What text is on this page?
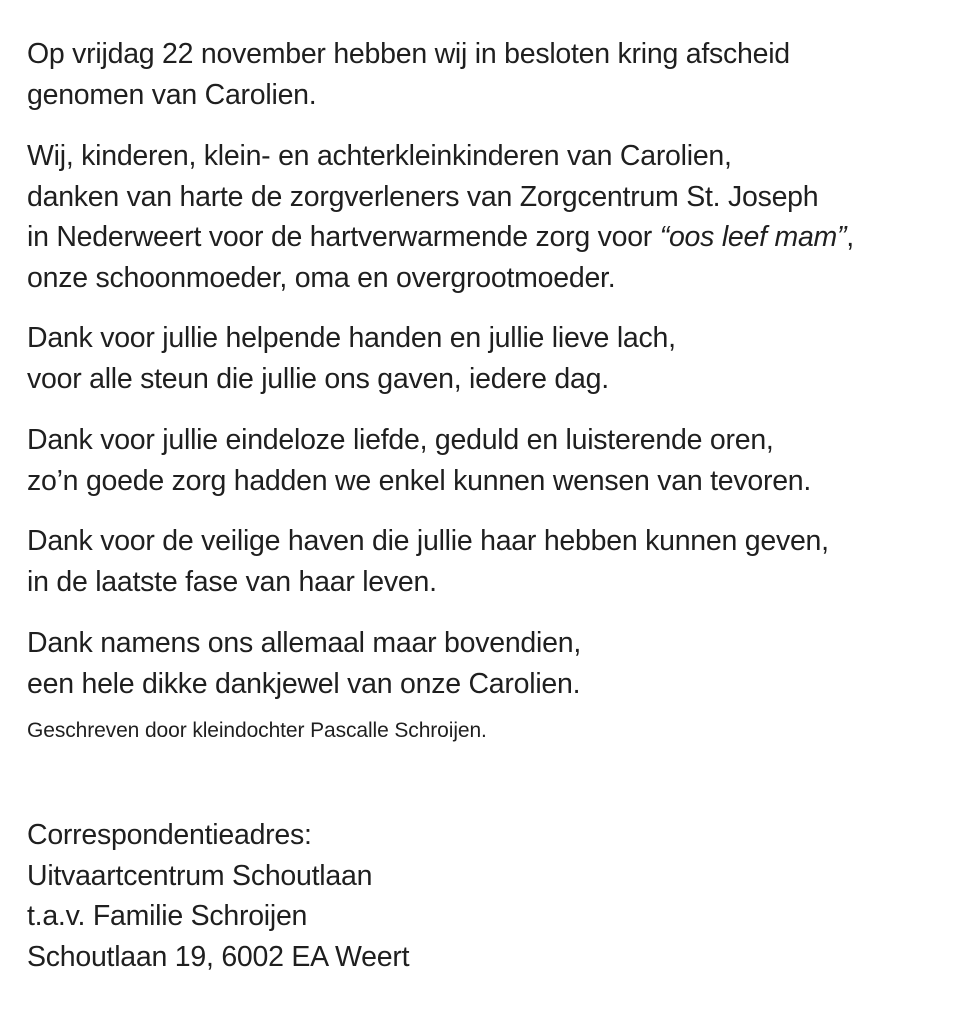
Op vrijdag 22 november hebben wij in besloten kring afscheid
genomen van Carolien.

Wij, kinderen, klein- en achterkleinkinderen van Carolien,
danken van harte de zorgverleners van Zorgcentrum St. Joseph
in Nederweert voor de hartverwarmende zorg voor “oos leef mam”,
onze schoonmoeder, oma en overgrootmoeder.

Dank voor jullie helpende handen en jullie lieve lach,
voor alle steun die jullie ons gaven, iedere dag.

Dank voor jullie eindeloze liefde, geduld en luisterende oren,
zo’n goede zorg hadden we enkel kunnen wensen van tevoren.

Dank voor de veilige haven die jullie haar hebben kunnen geven,
in de laatste fase van haar leven.

Dank namens ons allemaal maar bovendien,
een hele dikke dankjewel van onze Carolien.

Geschreven door kleindochter Pascalle Schroijen.

Correspondentieadres:
Uitvaartcentrum Schoutlaan
t.a.v. Familie Schroijen
Schoutlaan 19, 6002 EA Weert
